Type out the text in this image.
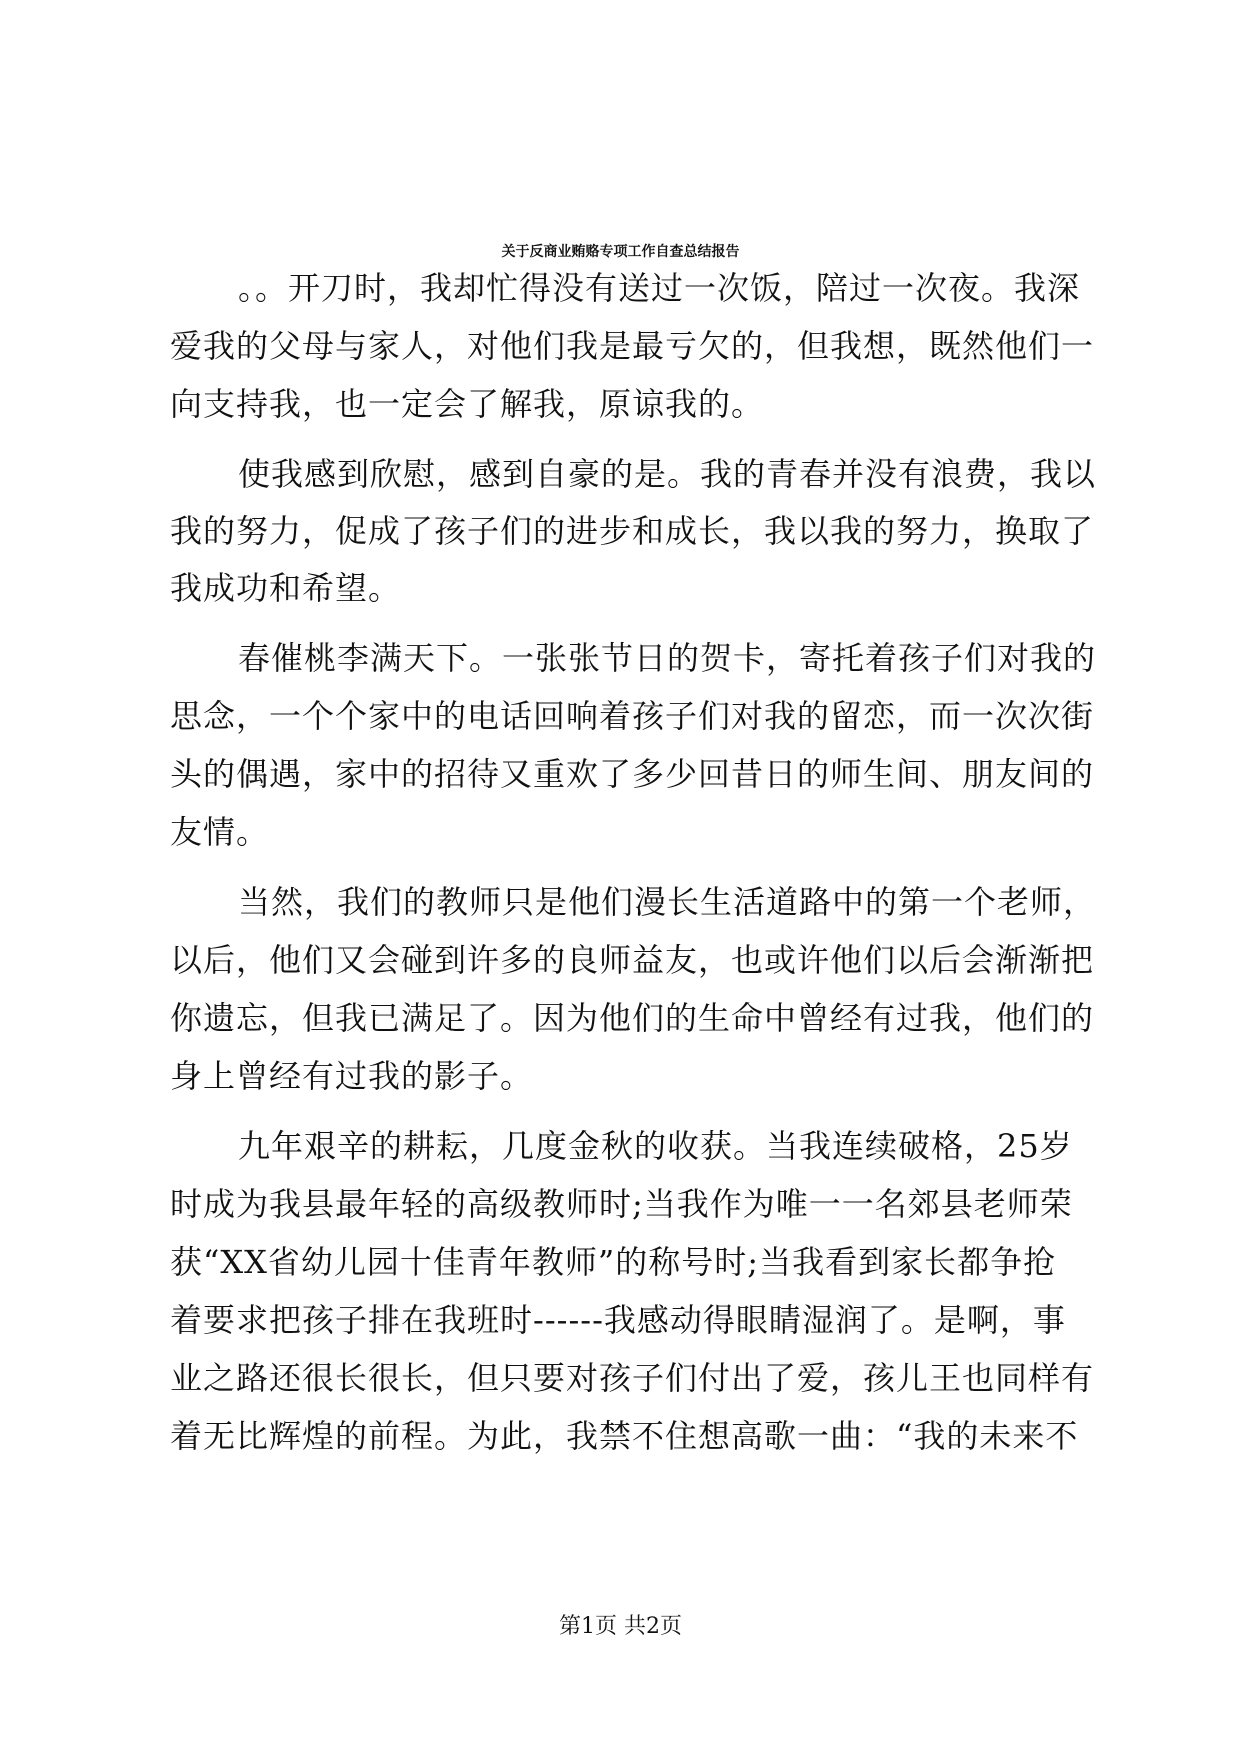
关于反商业贿赂专项工作自查总结报告
。。开刀时，我却忙得没有送过一次饭，陪过一次夜。我深
爱我的父母与家人，对他们我是最亏欠的，但我想，既然他们一
向支持我，也一定会了解我，原谅我的。
使我感到欣慰，感到自豪的是。我的青春并没有浪费，我以
我的努力，促成了孩子们的进步和成长，我以我的努力，换取了
我成功和希望。
春催桃李满天下。一张张节日的贺卡，寄托着孩子们对我的
思念，一个个家中的电话回响着孩子们对我的留恋，而一次次街
头的偶遇，家中的招待又重欢了多少回昔日的师生间、朋友间的
友情。
当然，我们的教师只是他们漫长生活道路中的第一个老师，
以后，他们又会碰到许多的良师益友，也或许他们以后会渐渐把
你遗忘，但我已满足了。因为他们的生命中曾经有过我，他们的
身上曾经有过我的影子。
九年艰辛的耕耘，几度金秋的收获。当我连续破格，25岁
时成为我县最年轻的高级教师时;当我作为唯一一名郊县老师荣
获“XX省幼儿园十佳青年教师”的称号时;当我看到家长都争抢
着要求把孩子排在我班时------我感动得眼睛湿润了。是啊，事
业之路还很长很长，但只要对孩子们付出了爱，孩儿王也同样有
着无比辉煌的前程。为此，我禁不住想高歌一曲：“我的未来不
第1页 共2页
